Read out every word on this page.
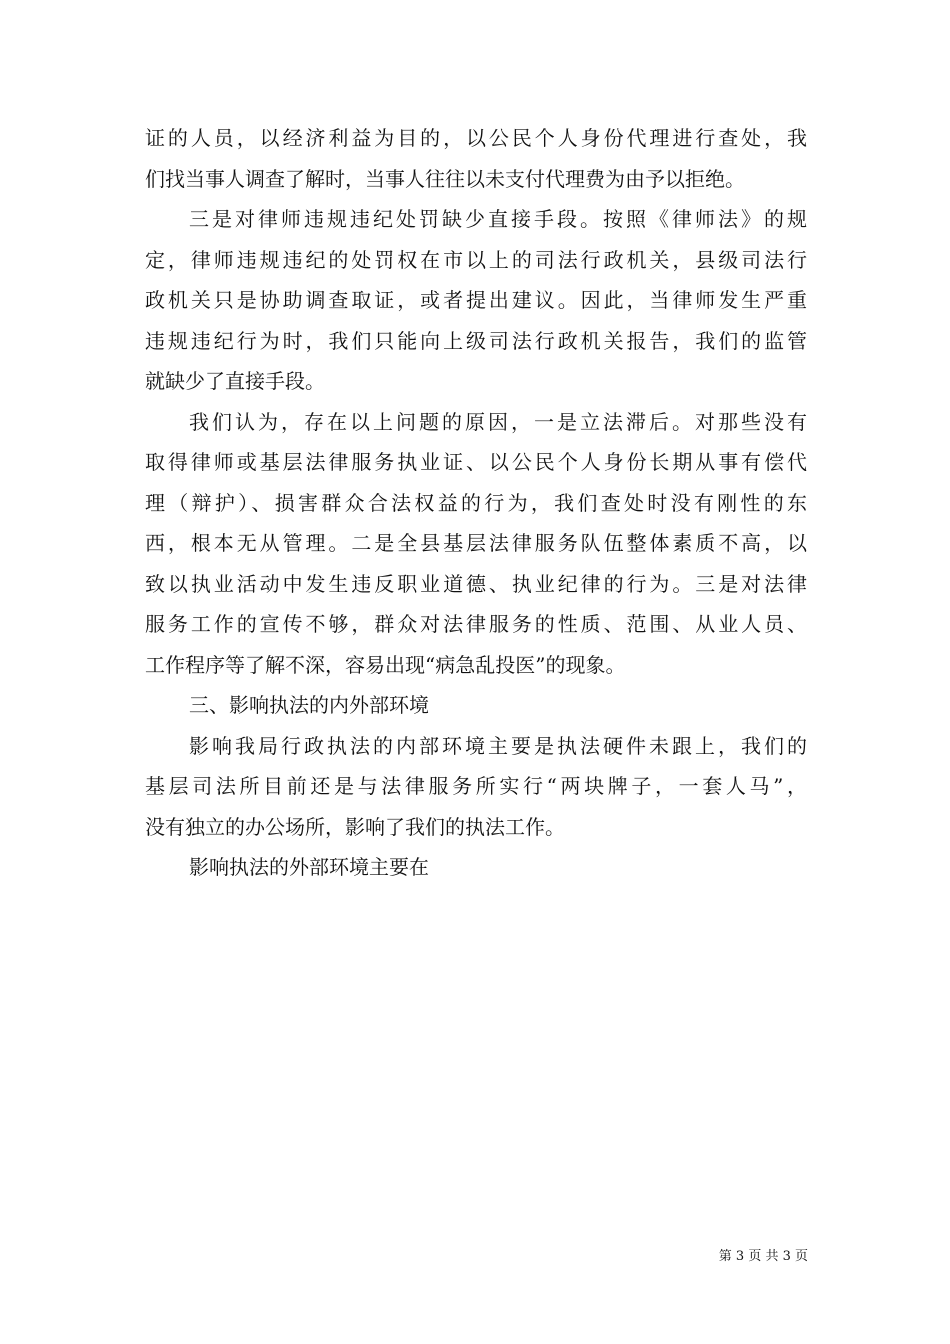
证的人员，以经济利益为目的，以公民个人身份代理进行查处，我
们找当事人调查了解时，当事人往往以未支付代理费为由予以拒绝。
三是对律师违规违纪处罚缺少直接手段。按照《律师法》的规
定，律师违规违纪的处罚权在市以上的司法行政机关，县级司法行
政机关只是协助调查取证，或者提出建议。因此，当律师发生严重
违规违纪行为时，我们只能向上级司法行政机关报告，我们的监管
就缺少了直接手段。
我们认为，存在以上问题的原因，一是立法滞后。对那些没有
取得律师或基层法律服务执业证、以公民个人身份长期从事有偿代
理（辩护）、损害群众合法权益的行为，我们查处时没有刚性的东
西，根本无从管理。二是全县基层法律服务队伍整体素质不高，以
致以执业活动中发生违反职业道德、执业纪律的行为。三是对法律
服务工作的宣传不够，群众对法律服务的性质、范围、从业人员、
工作程序等了解不深，容易出现“病急乱投医”的现象。
三、影响执法的内外部环境
影响我局行政执法的内部环境主要是执法硬件未跟上，我们的
基层司法所目前还是与法律服务所实行“两块牌子，一套人马”，
没有独立的办公场所，影响了我们的执法工作。
影响执法的外部环境主要在
第 3 页 共 3 页
